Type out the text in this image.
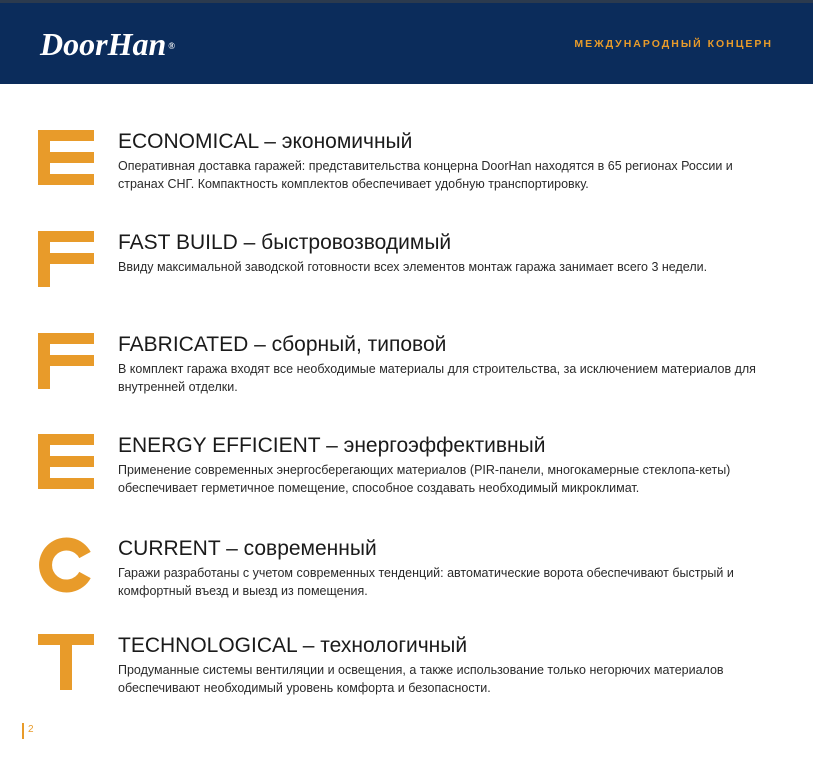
DoorHan ®	МЕЖДУНАРОДНЫЙ КОНЦЕРН
ECONOMICAL – экономичный
Оперативная доставка гаражей: представительства концерна DoorHan находятся в 65 регионах России и странах СНГ. Компактность комплектов обеспечивает удобную транспортировку.
FAST BUILD – быстровозводимый
Ввиду максимальной заводской готовности всех элементов монтаж гаража занимает всего 3 недели.
FABRICATED – сборный, типовой
В комплект гаража входят все необходимые материалы для строительства, за исключением материалов для внутренней отделки.
ENERGY EFFICIENT – энергоэффективный
Применение современных энергосберегающих материалов (PIR-панели, многокамерные стеклопа-кеты) обеспечивает герметичное помещение, способное создавать необходимый микроклимат.
CURRENT – современный
Гаражи разработаны с учетом современных тенденций: автоматические ворота обеспечивают быстрый и комфортный въезд и выезд из помещения.
TECHNOLOGICAL – технологичный
Продуманные системы вентиляции и освещения, а также использование только негорючих материалов обеспечивают необходимый уровень комфорта и безопасности.
2
